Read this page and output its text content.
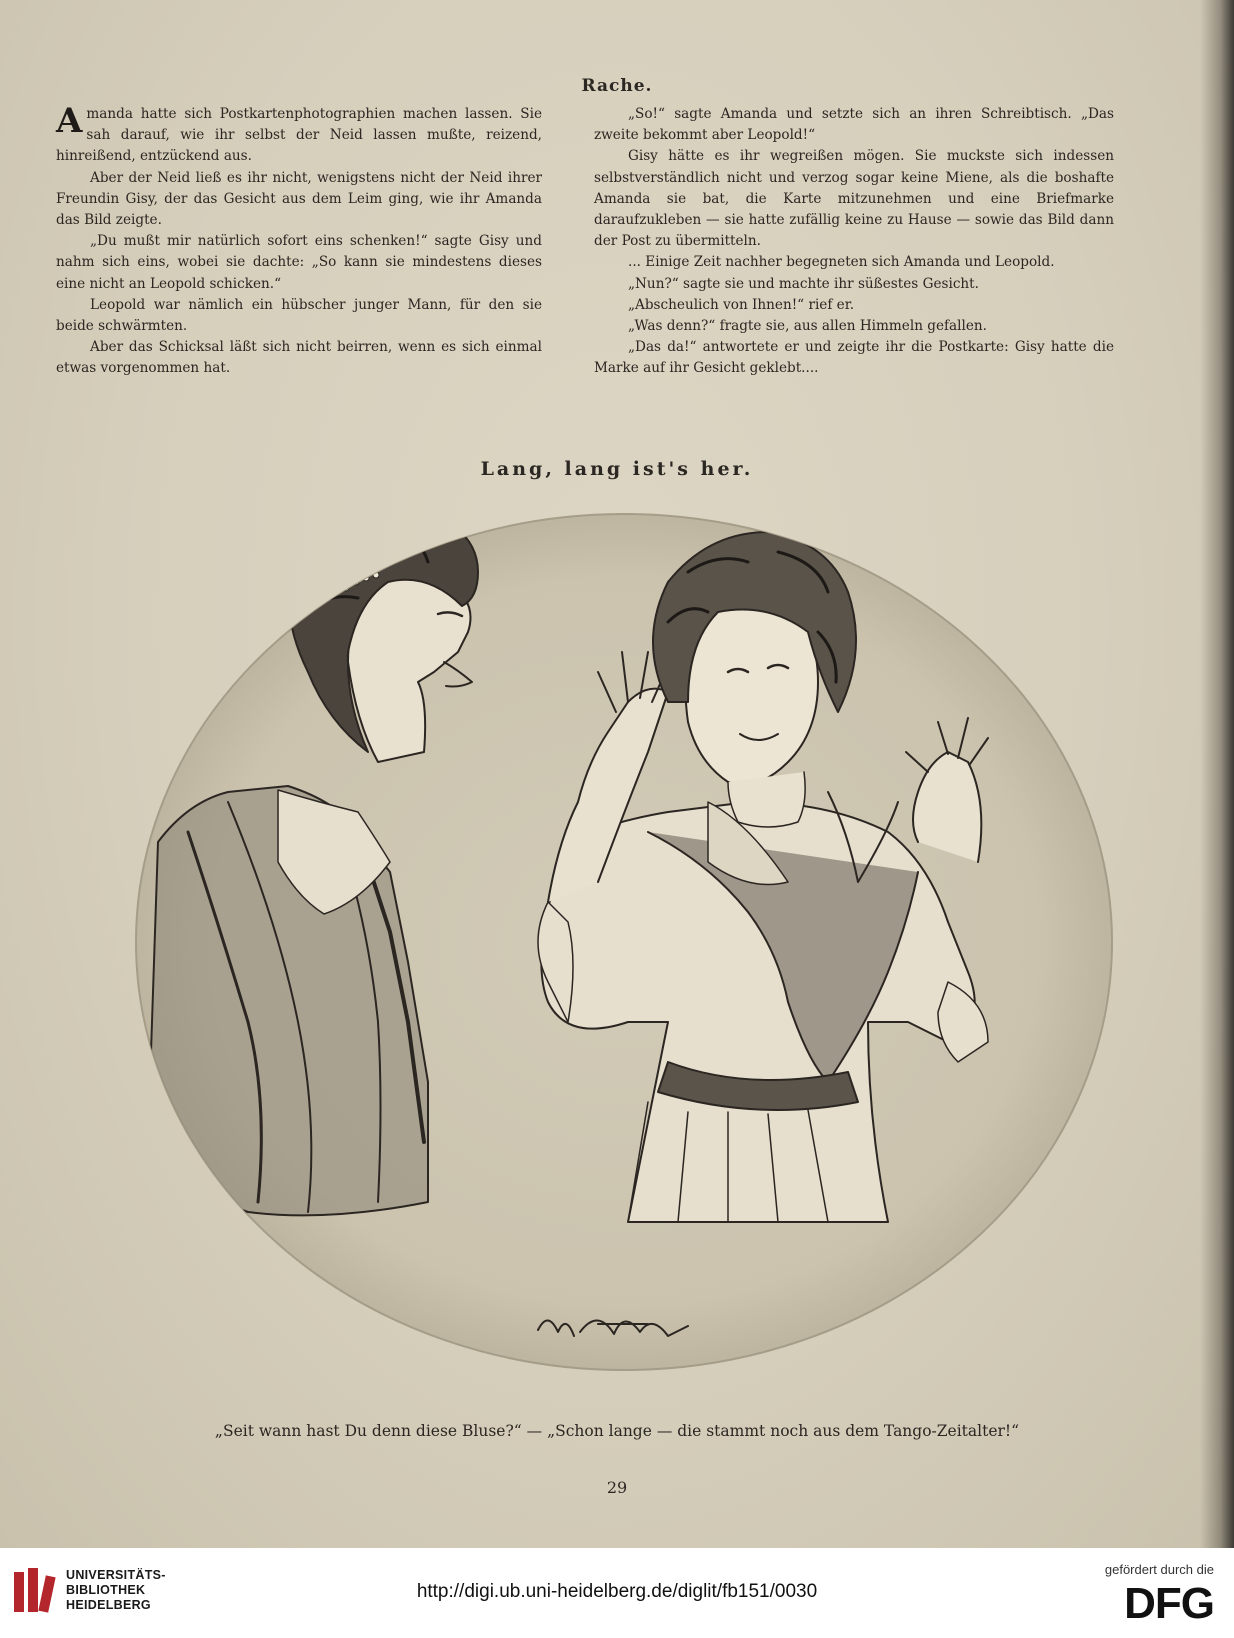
Rache.

Amanda hatte sich Postkartenphotographien machen lassen. Sie sah darauf, wie ihr selbst der Neid lassen mußte, reizend, hinreißend, entzückend aus.

Aber der Neid ließ es ihr nicht, wenigstens nicht der Neid ihrer Freundin Gisy, der das Gesicht aus dem Leim ging, wie ihr Amanda das Bild zeigte.

„Du mußt mir natürlich sofort eins schenken!“ sagte Gisy und nahm sich eins, wobei sie dachte: „So kann sie mindestens dieses eine nicht an Leopold schicken.“

Leopold war nämlich ein hübscher junger Mann, für den sie beide schwärmten.

Aber das Schicksal läßt sich nicht beirren, wenn es sich einmal etwas vorgenommen hat.

„So!“ sagte Amanda und setzte sich an ihren Schreibtisch. „Das zweite bekommt aber Leopold!“

Gisy hätte es ihr wegreißen mögen. Sie muckste sich indessen selbstverständlich nicht und verzog sogar keine Miene, als die boshafte Amanda sie bat, die Karte mitzunehmen und eine Briefmarke daraufzukleben — sie hatte zufällig keine zu Hause — sowie das Bild dann der Post zu übermitteln.

... Einige Zeit nachher begegneten sich Amanda und Leopold.

„Nun?“ sagte sie und machte ihr süßestes Gesicht.

„Abscheulich von Ihnen!“ rief er.

„Was denn?“ fragte sie, aus allen Himmeln gefallen.

„Das da!“ antwortete er und zeigte ihr die Postkarte: Gisy hatte die Marke auf ihr Gesicht geklebt....

Lang, lang ist's her.
„Seit wann hast Du denn diese Bluse?“ — „Schon lange — die stammt noch aus dem Tango-Zeitalter!“
29
UNIVERSITÄTS-
BIBLIOTHEK
HEIDELBERG
http://digi.ub.uni-heidelberg.de/diglit/fb151/0030
gefördert durch die
DFG
